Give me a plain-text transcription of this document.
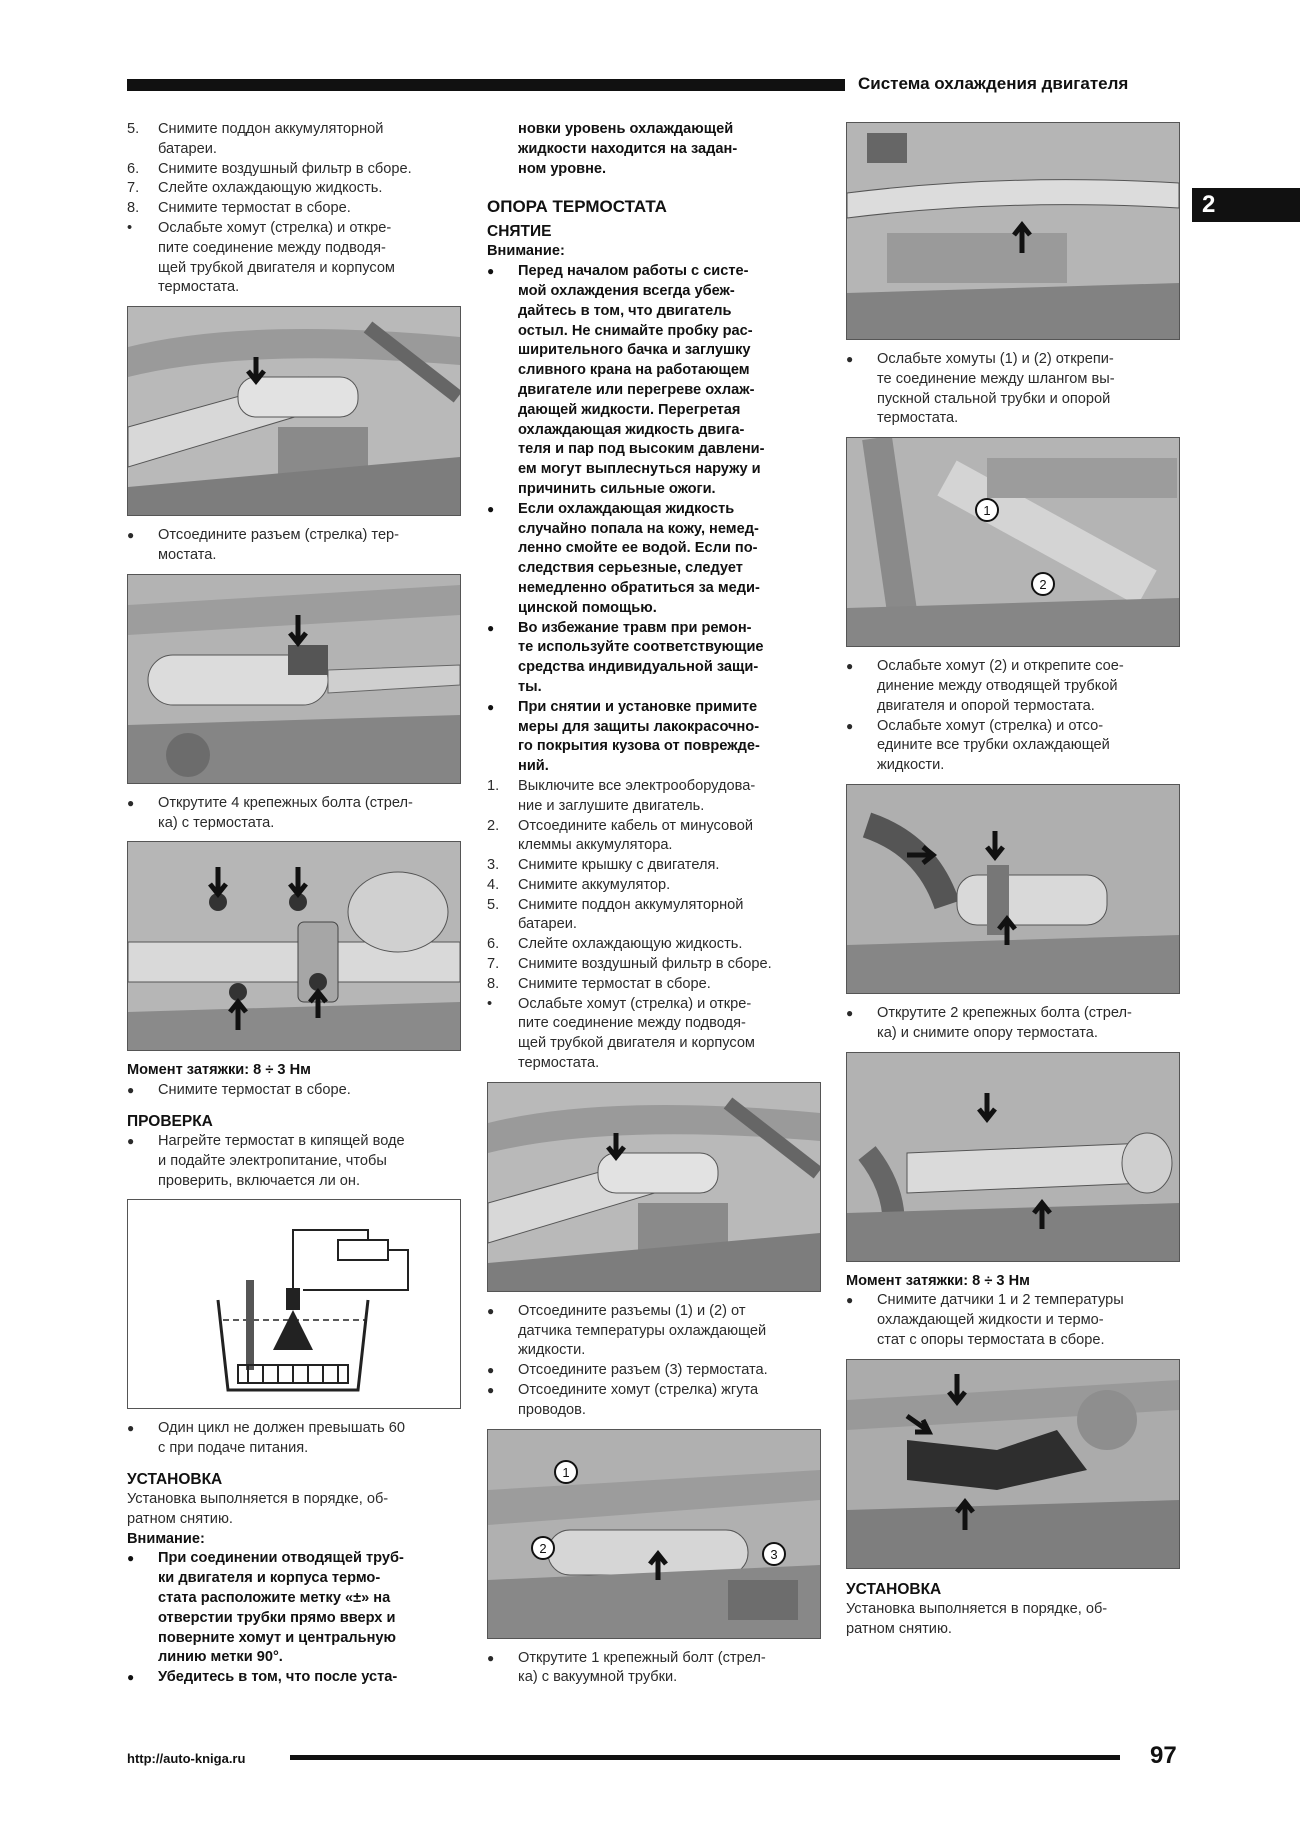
Система охлаждения двигателя
2
5. Снимите поддон аккумуляторной
батареи.
6. Снимите воздушный фильтр в сборе.
7. Слейте охлаждающую жидкость.
8. Снимите термостат в сборе.
• Ослабьте хомут (стрелка) и откре-
пите соединение между подводя-
щей трубкой двигателя и корпусом
термостата.
● Отсоедините разъем (стрелка) тер-
мостата.
● Открутите 4 крепежных болта (стрел-
ка) с термостата.
Момент затяжки: 8 ÷ 3 Нм
● Снимите термостат в сборе.
ПРОВЕРКА
● Нагрейте термостат в кипящей воде
и подайте электропитание, чтобы
проверить, включается ли он.
● Один цикл не должен превышать 60
с при подаче питания.
УСТАНОВКА
Установка выполняется в порядке, об-
ратном снятию.
Внимание:
● При соединении отводящей труб-
ки двигателя и корпуса термо-
стата расположите метку «±» на
отверстии трубки прямо вверх и
поверните хомут и центральную
линию метки 90°.
● Убедитесь в том, что после уста-
новки уровень охлаждающей
жидкости находится на задан-
ном уровне.
ОПОРА ТЕРМОСТАТА
СНЯТИЕ
Внимание:
● Перед началом работы с систе-
мой охлаждения всегда убеж-
дайтесь в том, что двигатель
остыл. Не снимайте пробку рас-
ширительного бачка и заглушку
сливного крана на работающем
двигателе или перегреве охлаж-
дающей жидкости. Перегретая
охлаждающая жидкость двига-
теля и пар под высоким давлени-
ем могут выплеснуться наружу и
причинить сильные ожоги.
● Если охлаждающая жидкость
случайно попала на кожу, немед-
ленно смойте ее водой. Если по-
следствия серьезные, следует
немедленно обратиться за меди-
цинской помощью.
● Во избежание травм при ремон-
те используйте соответствующие
средства индивидуальной защи-
ты.
● При снятии и установке примите
меры для защиты лакокрасочно-
го покрытия кузова от поврежде-
ний.
1. Выключите все электрооборудова-
ние и заглушите двигатель.
2. Отсоедините кабель от минусовой
клеммы аккумулятора.
3. Снимите крышку с двигателя.
4. Снимите аккумулятор.
5. Снимите поддон аккумуляторной
батареи.
6. Слейте охлаждающую жидкость.
7. Снимите воздушный фильтр в сборе.
8. Снимите термостат в сборе.
• Ослабьте хомут (стрелка) и откре-
пите соединение между подводя-
щей трубкой двигателя и корпусом
термостата.
● Отсоедините разъемы (1) и (2) от
датчика температуры охлаждающей
жидкости.
● Отсоедините разъем (3) термостата.
● Отсоедините хомут (стрелка) жгута
проводов.
1
2	3
● Открутите 1 крепежный болт (стрел-
ка) с вакуумной трубки.
● Ослабьте хомуты (1) и (2) открепи-
те соединение между шлангом вы-
пускной стальной трубки и опорой
термостата.
1
2
● Ослабьте хомут (2) и открепите сое-
динение между отводящей трубкой
двигателя и опорой термостата.
● Ослабьте хомут (стрелка) и отсо-
едините все трубки охлаждающей
жидкости.
● Открутите 2 крепежных болта (стрел-
ка) и снимите опору термостата.
Момент затяжки: 8 ÷ 3 Нм
● Снимите датчики 1 и 2 температуры
охлаждающей жидкости и термо-
стат с опоры термостата в сборе.
УСТАНОВКА
Установка выполняется в порядке, об-
ратном снятию.
http://auto-kniga.ru	97
